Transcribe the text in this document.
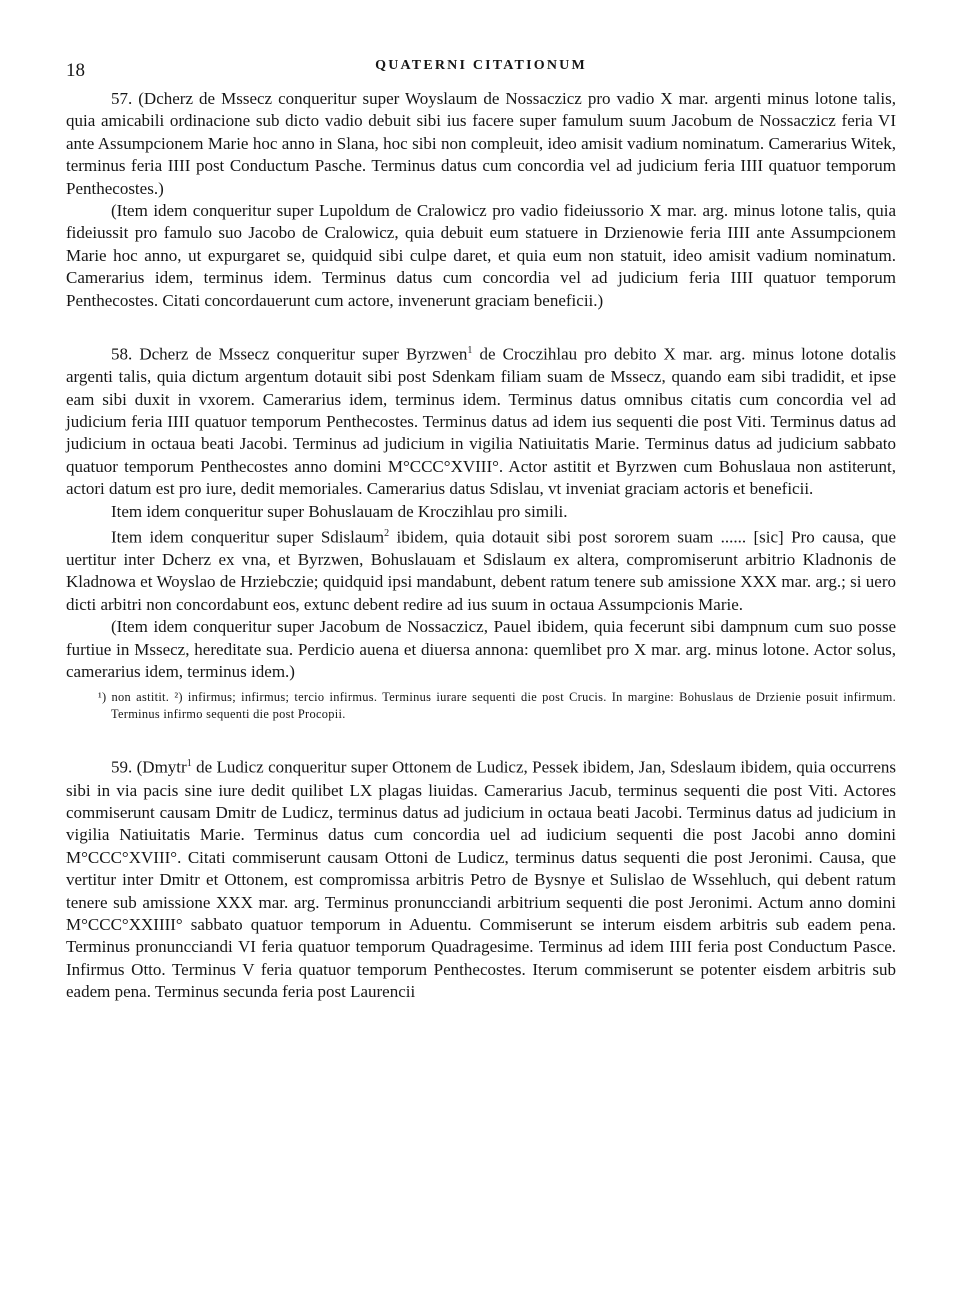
18	QUATERNI CITATIONUM

57. (Dcherz de Mssecz conqueritur super Woyslaum de Nossaczicz pro vadio X mar. argenti minus lotone talis, quia amicabili ordinacione sub dicto vadio debuit sibi ius facere super famulum suum Jacobum de Nossaczicz feria VI ante Assumpcionem Marie hoc anno in Slana, hoc sibi non compleuit, ideo amisit vadium nominatum. Camerarius Witek, terminus feria IIII post Conductum Pasche. Terminus datus cum concordia vel ad judicium feria IIII quatuor temporum Penthecostes.)

(Item idem conqueritur super Lupoldum de Cralowicz pro vadio fideiussorio X mar. arg. minus lotone talis, quia fideiussit pro famulo suo Jacobo de Cralowicz, quia debuit eum statuere in Drzienowie feria IIII ante Assumpcionem Marie hoc anno, ut expurgaret se, quidquid sibi culpe daret, et quia eum non statuit, ideo amisit vadium nominatum. Camerarius idem, terminus idem. Terminus datus cum concordia vel ad judicium feria IIII quatuor temporum Penthecostes. Citati concordauerunt cum actore, invenerunt graciam beneficii.)

58. Dcherz de Mssecz conqueritur super Byrzwen$^1$ de Croczihlau pro debito X mar. arg. minus lotone dotalis argenti talis, quia dictum argentum dotauit sibi post Sdenkam filiam suam de Mssecz, quando eam sibi tradidit, et ipse eam sibi duxit in vxorem. Camerarius idem, terminus idem. Terminus datus omnibus citatis cum concordia vel ad judicium feria IIII quatuor temporum Penthecostes. Terminus datus ad idem ius sequenti die post Viti. Terminus datus ad judicium in octaua beati Jacobi. Terminus ad judicium in vigilia Natiuitatis Marie. Terminus datus ad judicium sabbato quatuor temporum Penthecostes anno domini M°CCC°XVIII°. Actor astitit et Byrzwen cum Bohuslaua non astiterunt, actori datum est pro iure, dedit memoriales. Camerarius datus Sdislau, vt inveniat graciam actoris et beneficii.

Item idem conqueritur super Bohuslauam de Kroczihlau pro simili.

Item idem conqueritur super Sdislaum$^2$ ibidem, quia dotauit sibi post sororem suam ...... [sic] Pro causa, que uertitur inter Dcherz ex vna, et Byrzwen, Bohuslauam et Sdislaum ex altera, compromiserunt arbitrio Kladnonis de Kladnowa et Woyslao de Hrziebczie; quidquid ipsi mandabunt, debent ratum tenere sub amissione XXX mar. arg.; si uero dicti arbitri non concordabunt eos, extunc debent redire ad ius suum in octaua Assumpcionis Marie.

(Item idem conqueritur super Jacobum de Nossaczicz, Pauel ibidem, quia fecerunt sibi dampnum cum suo posse furtiue in Mssecz, hereditate sua. Perdicio auena et diuersa annona: quemlibet pro X mar. arg. minus lotone. Actor solus, camerarius idem, terminus idem.)

¹) non astitit. ²) infirmus; infirmus; tercio infirmus. Terminus iurare sequenti die post Crucis. In margine: Bohuslaus de Drzienie posuit infirmum. Terminus infirmo sequenti die post Procopii.

59. (Dmytr$^1$ de Ludicz conqueritur super Ottonem de Ludicz, Pessek ibidem, Jan, Sdeslaum ibidem, quia occurrens sibi in via pacis sine iure dedit quilibet LX plagas liuidas. Camerarius Jacub, terminus sequenti die post Viti. Actores commiserunt causam Dmitr de Ludicz, terminus datus ad judicium in octaua beati Jacobi. Terminus datus ad judicium in vigilia Natiuitatis Marie. Terminus datus cum concordia uel ad iudicium sequenti die post Jacobi anno domini M°CCC°XVIII°. Citati commiserunt causam Ottoni de Ludicz, terminus datus sequenti die post Jeronimi. Causa, que vertitur inter Dmitr et Ottonem, est compromissa arbitris Petro de Bysnye et Sulislao de Wssehluch, qui debent ratum tenere sub amissione XXX mar. arg. Terminus pronuncciandi arbitrium sequenti die post Jeronimi. Actum anno domini M°CCC°XXIIII° sabbato quatuor temporum in Aduentu. Commiserunt se interum eisdem arbitris sub eadem pena. Terminus pronuncciandi VI feria quatuor temporum Quadragesime. Terminus ad idem IIII feria post Conductum Pasce. Infirmus Otto. Terminus V feria quatuor temporum Penthecostes. Iterum commiserunt se potenter eisdem arbitris sub eadem pena. Terminus secunda feria post Laurencii
